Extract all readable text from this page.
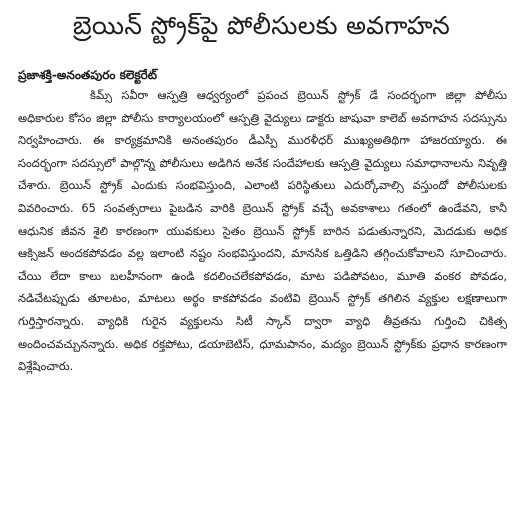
బ్రెయిన్ స్ట్రోక్‌పై పోలీసులకు అవగాహన
ప్రజాశక్తి-అనంతపురం కలెక్టరేట్

కిమ్స్ సవీరా ఆస్పత్రి ఆధ్వర్యంలో ప్రపంచ బ్రెయిన్ స్ట్రోక్ డే సందర్భంగా జిల్లా పోలీసు అధికారుల కోసం జిల్లా పోలీసు కార్యాలయంలో ఆస్పత్రి వైద్యులు డాక్టరు జాషువా కాలెబ్ అవగాహన సదస్సును నిర్వహించారు. ఈ కార్యక్రమానికి అనంతపురం డీఎస్పీ మురళీధర్ ముఖ్యఅతిథిగా హాజరయ్యారు. ఈ సందర్భంగా సదస్సులో పాల్గొన్న పోలీసులు అడిగిన అనేక సందేహాలకు ఆస్పత్రి వైద్యులు సమాధానాలను నివృత్తి చేశారు. బ్రెయిన్ స్ట్రోక్ ఎందుకు సంభవిస్తుంది, ఎలాంటి పరిస్థితులు ఎదుర్కోవాల్సి వస్తుందో పోలీసులకు వివరించారు. 65 సంవత్సరాలు పైబడిన వారికి బ్రెయిన్ స్ట్రోక్ వచ్చే అవకాశాలు గతంలో ఉండేవని, కానీ ఆధునిక జీవన శైలి కారణంగా యువకులు సైతం బ్రెయిన్ స్ట్రోక్ బారిన పడుతున్నారని, మెదడుకు అధిక ఆక్సిజన్ అందకపోవడం వల్ల ఇలాంటి నష్టం సంభవిస్తుందని, మానసిక ఒత్తిడిని తగ్గించుకోవాలని సూచించారు. చేయి లేదా కాలు బలహీనంగా ఉండి కదలించలేకపోవడం, మాట పడిపోవటం, మూతి వంకర పోవడం, నడిచేటప్పుడు తూలటం, మాటలు అర్థం కాకపోవడం వంటివి బ్రెయిన్ స్ట్రోక్ తగిలిన వ్యక్తుల లక్షణాలుగా గుర్తిస్తారన్నారు. వ్యాధికి గురైన వ్యక్తులను సిటీ స్కాన్ ద్వారా వ్యాధి తీవ్రతను గుర్తించి చికిత్స అందించవచ్చునన్నారు. అధిక రక్తపోటు, డయాబెటిస్, ధూమపానం, మద్యం బ్రెయిన్ స్ట్రోక్‌కు ప్రధాన కారణంగా విశ్లేషించారు.
